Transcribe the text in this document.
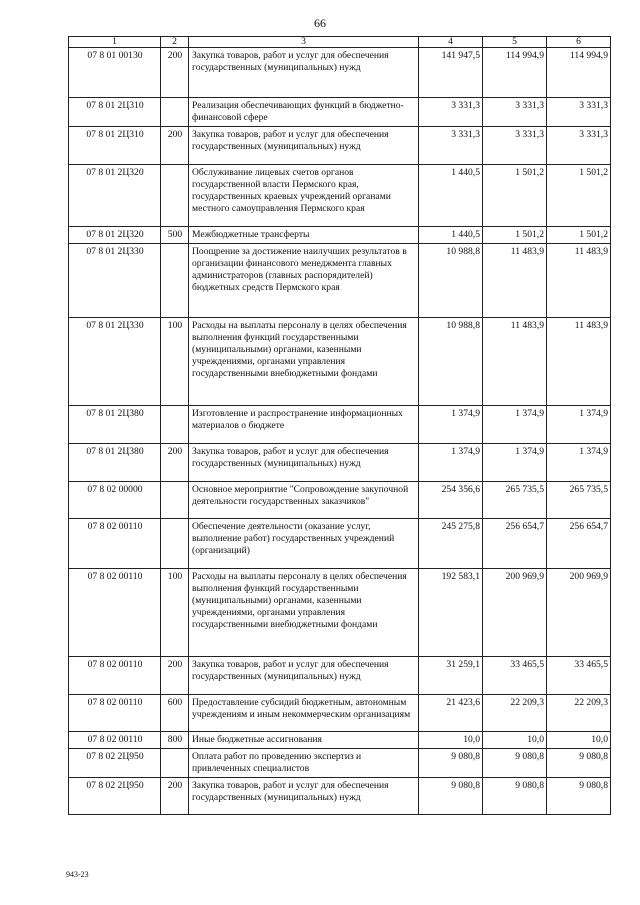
66
1	2	3	4	5	6
07 8 01 00130	200	Закупка товаров, работ и услуг для обеспечения государственных (муниципальных) нужд	141 947,5	114 994,9	114 994,9
07 8 01 2Ц310		Реализация обеспечивающих функций в бюджетно-финансовой сфере	3 331,3	3 331,3	3 331,3
07 8 01 2Ц310	200	Закупка товаров, работ и услуг для обеспечения государственных (муниципальных) нужд	3 331,3	3 331,3	3 331,3
07 8 01 2Ц320		Обслуживание лицевых счетов органов государственной власти Пермского края, государственных краевых учреждений органами местного самоуправления Пермского края	1 440,5	1 501,2	1 501,2
07 8 01 2Ц320	500	Межбюджетные трансферты	1 440,5	1 501,2	1 501,2
07 8 01 2Ц330		Поощрение за достижение наилучших результатов в организации финансового менеджмента главных администраторов (главных распорядителей) бюджетных средств Пермского края	10 988,8	11 483,9	11 483,9
07 8 01 2Ц330	100	Расходы на выплаты персоналу в целях обеспечения выполнения функций государственными (муниципальными) органами, казенными учреждениями, органами управления государственными внебюджетными фондами	10 988,8	11 483,9	11 483,9
07 8 01 2Ц380		Изготовление и распространение информационных материалов о бюджете	1 374,9	1 374,9	1 374,9
07 8 01 2Ц380	200	Закупка товаров, работ и услуг для обеспечения государственных (муниципальных) нужд	1 374,9	1 374,9	1 374,9
07 8 02 00000		Основное мероприятие "Сопровождение закупочной деятельности государственных заказчиков"	254 356,6	265 735,5	265 735,5
07 8 02 00110		Обеспечение деятельности (оказание услуг, выполнение работ) государственных учреждений (организаций)	245 275,8	256 654,7	256 654,7
07 8 02 00110	100	Расходы на выплаты персоналу в целях обеспечения выполнения функций государственными (муниципальными) органами, казенными учреждениями, органами управления государственными внебюджетными фондами	192 583,1	200 969,9	200 969,9
07 8 02 00110	200	Закупка товаров, работ и услуг для обеспечения государственных (муниципальных) нужд	31 259,1	33 465,5	33 465,5
07 8 02 00110	600	Предоставление субсидий бюджетным, автономным учреждениям и иным некоммерческим организациям	21 423,6	22 209,3	22 209,3
07 8 02 00110	800	Иные бюджетные ассигнования	10,0	10,0	10,0
07 8 02 2Ц950		Оплата работ по проведению экспертиз и привлеченных специалистов	9 080,8	9 080,8	9 080,8
07 8 02 2Ц950	200	Закупка товаров, работ и услуг для обеспечения государственных (муниципальных) нужд	9 080,8	9 080,8	9 080,8
943-23
